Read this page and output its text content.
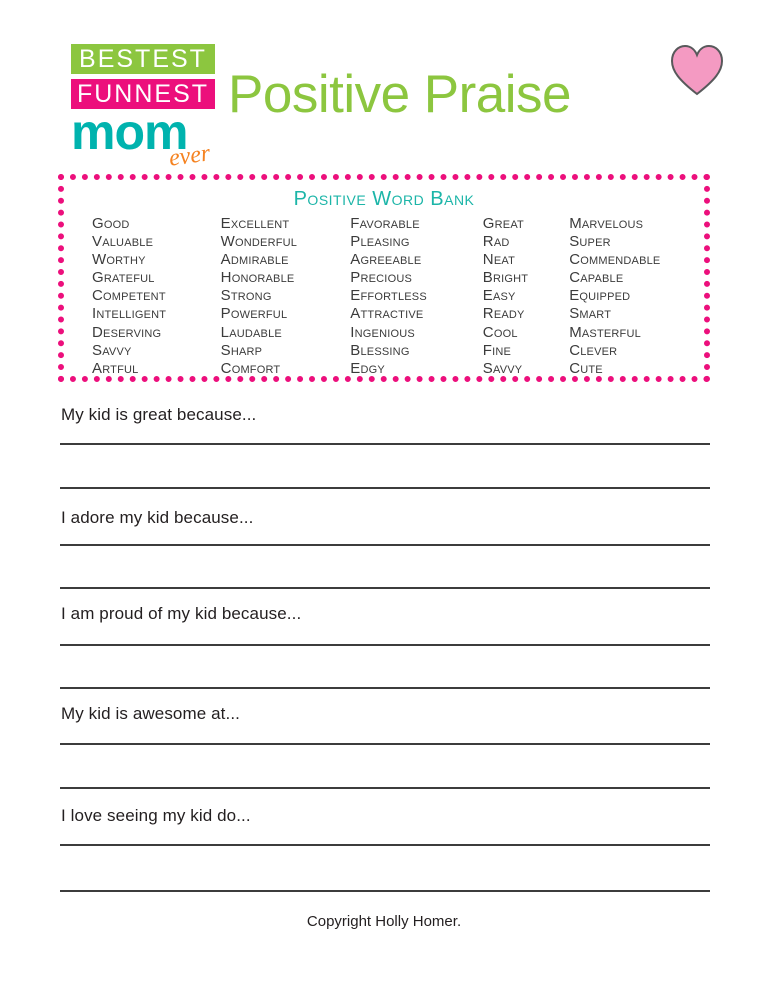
BESTEST
FUNNEST
mom
ever
Positive Praise
Positive Word Bank
Good
Valuable
Worthy
Grateful
Competent
Intelligent
Deserving
Savvy
Artful
Excellent
Wonderful
Admirable
Honorable
Strong
Powerful
Laudable
Sharp
Comfort
Favorable
Pleasing
Agreeable
Precious
Effortless
Attractive
Ingenious
Blessing
Edgy
Great
Rad
Neat
Bright
Easy
Ready
Cool
Fine
Savvy
Marvelous
Super
Commendable
Capable
Equipped
Smart
Masterful
Clever
Cute
My kid is great because...
I adore my kid because...
I am proud of my kid because...
My kid is awesome at...
I love seeing my kid do...
Copyright Holly Homer.
